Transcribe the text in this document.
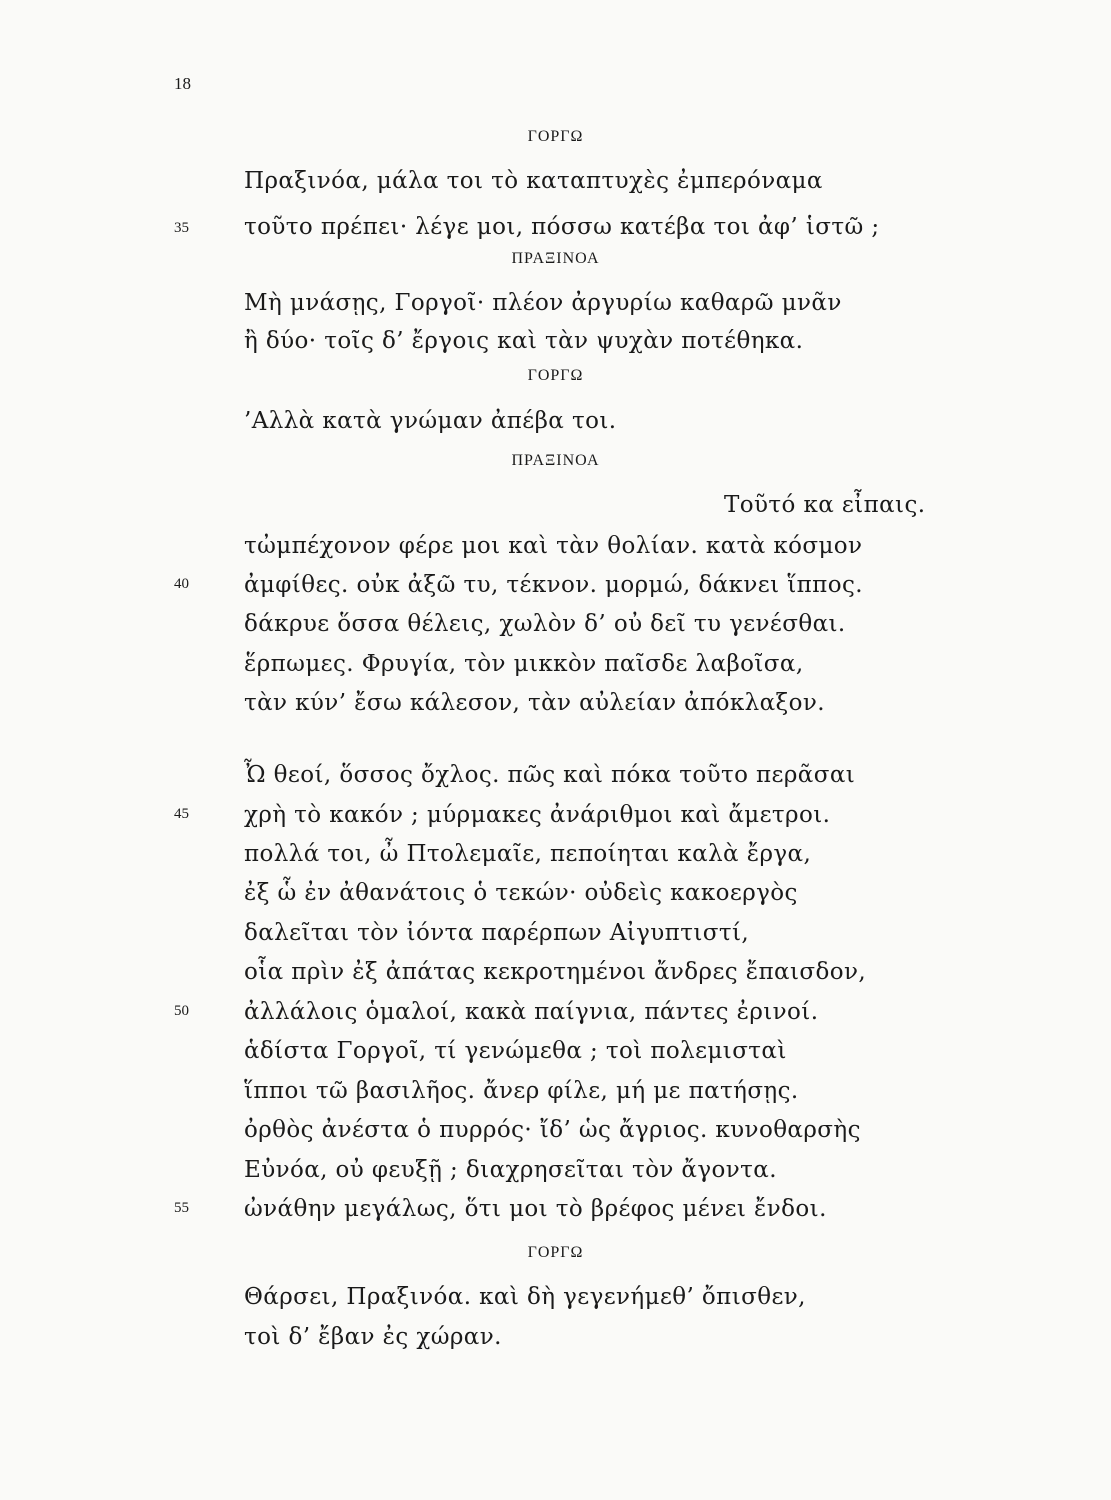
18
ΓΟΡΓΩ
Πραξινόα, μάλα τοι τὸ καταπτυχὲς ἐμπερόναμα
35 τοῦτο πρέπει· λέγε μοι, πόσσω κατέβα τοι ἀφ’ ἱστῶ ;
ΠΡΑΞΙΝΟΑ
Μὴ μνάσῃς, Γοργοῖ· πλέον ἀργυρίω καθαρῶ μνᾶν
ἢ δύο· τοῖς δ’ ἔργοις καὶ τὰν ψυχὰν ποτέθηκα.
ΓΟΡΓΩ
’Αλλὰ κατὰ γνώμαν ἀπέβα τοι.
ΠΡΑΞΙΝΟΑ
Τοῦτό κα εἶπαις.
τὠμπέχονον φέρε μοι καὶ τὰν θολίαν. κατὰ κόσμον
40 ἀμφίθες. οὐκ ἀξῶ τυ, τέκνον. μορμώ, δάκνει ἵππος.
δάκρυε ὅσσα θέλεις, χωλὸν δ’ οὐ δεῖ τυ γενέσθαι.
ἕρπωμες. Φρυγία, τὸν μικκὸν παῖσδε λαβοῖσα,
τὰν κύν’ ἔσω κάλεσον, τὰν αὐλείαν ἀπόκλαξον.
Ὦ θεοί, ὅσσος ὄχλος. πῶς καὶ πόκα τοῦτο περᾶσαι
45 χρὴ τὸ κακόν ; μύρμακες ἀνάριθμοι καὶ ἄμετροι.
πολλά τοι, ὦ Πτολεμαῖε, πεποίηται καλὰ ἔργα,
ἐξ ὧ ἐν ἀθανάτοις ὁ τεκών· οὐδεὶς κακοεργὸς
δαλεῖται τὸν ἰόντα παρέρπων Αἰγυπτιστί,
οἷα πρὶν ἐξ ἀπάτας κεκροτημένοι ἄνδρες ἔπαισδον,
50 ἀλλάλοις ὁμαλοί, κακὰ παίγνια, πάντες ἐρινοί.
ἁδίστα Γοργοῖ, τί γενώμεθα ; τοὶ πολεμισταὶ
ἵπποι τῶ βασιλῆος. ἄνερ φίλε, μή με πατήσῃς.
ὀρθὸς ἀνέστα ὁ πυρρός· ἴδ’ ὡς ἄγριος. κυνοθαρσὴς
Εὐνόα, οὐ φευξῇ ; διαχρησεῖται τὸν ἄγοντα.
55 ὠνάθην μεγάλως, ὅτι μοι τὸ βρέφος μένει ἔνδοι.
ΓΟΡΓΩ
Θάρσει, Πραξινόα. καὶ δὴ γεγενήμεθ’ ὄπισθεν,
τοὶ δ’ ἔβαν ἐς χώραν.
